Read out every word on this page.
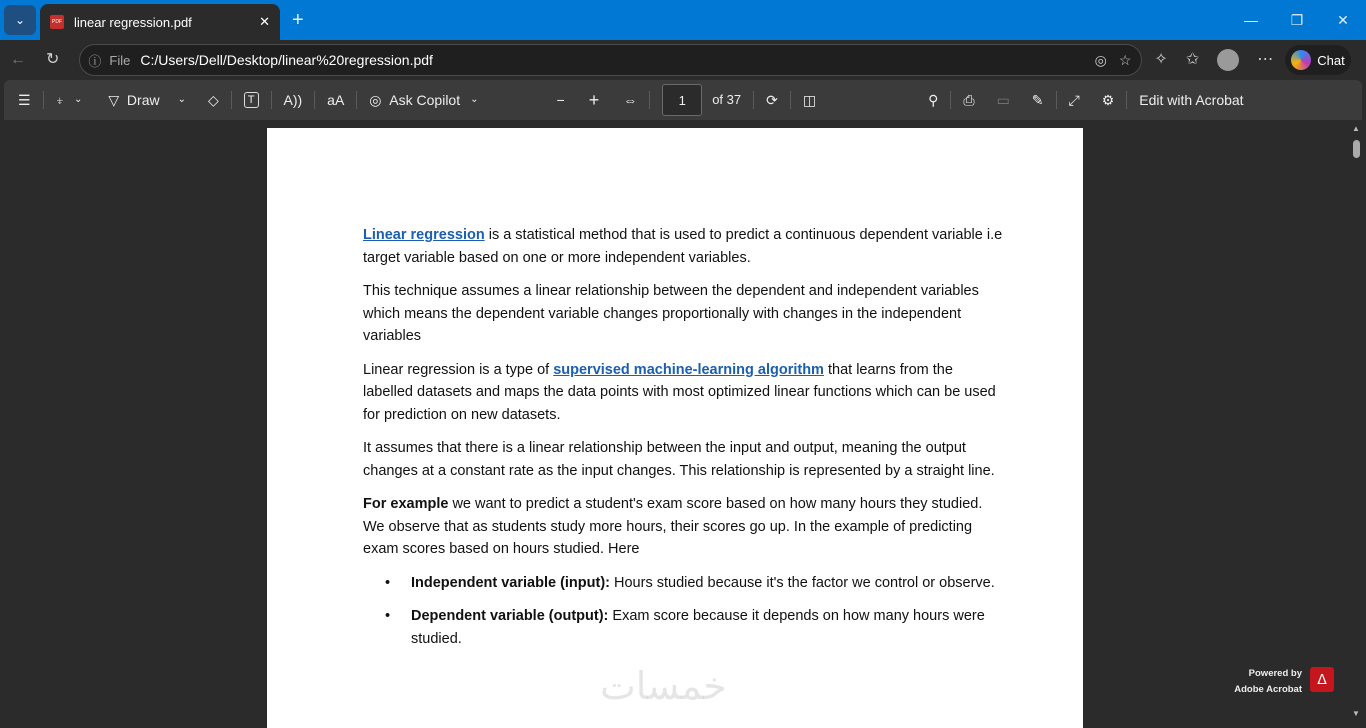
⌄	PDF linear regression.pdf	✕ +	—	❐	✕
← ↻ ⓘ File C:/Users/Dell/Desktop/linear%20regression.pdf	◎ ☆ ✧ ✩	⋯	Chat
☰ ⍖ ⌄ ▽
Draw ⌄ ◇	T A)) aA ◎
Ask Copilot ⌄	− + ⇔	1 of 37 ⟳ ◫	⚲ ⎙ ▭ ✎ ⤢ ⚙ Edit with Acrobat

Linear regression is a statistical method that is used to predict a continuous dependent variable i.e target variable based on one or more independent variables.

This technique assumes a linear relationship between the dependent and independent variables which means the dependent variable changes proportionally with changes in the independent variables

Linear regression is a type of supervised machine-learning algorithm that learns from the labelled datasets and maps the data points with most optimized linear functions which can be used for prediction on new datasets.

It assumes that there is a linear relationship between the input and output, meaning the output changes at a constant rate as the input changes. This relationship is represented by a straight line.

For example we want to predict a student's exam score based on how many hours they studied. We observe that as students study more hours, their scores go up. In the example of predicting exam scores based on hours studied. Here

• Independent variable (input): Hours studied because it's the factor we control or observe.
• Dependent variable (output): Exam score because it depends on how many hours were studied.
خمسات
▲
▼
Powered by
Adobe Acrobat
ᐃ
